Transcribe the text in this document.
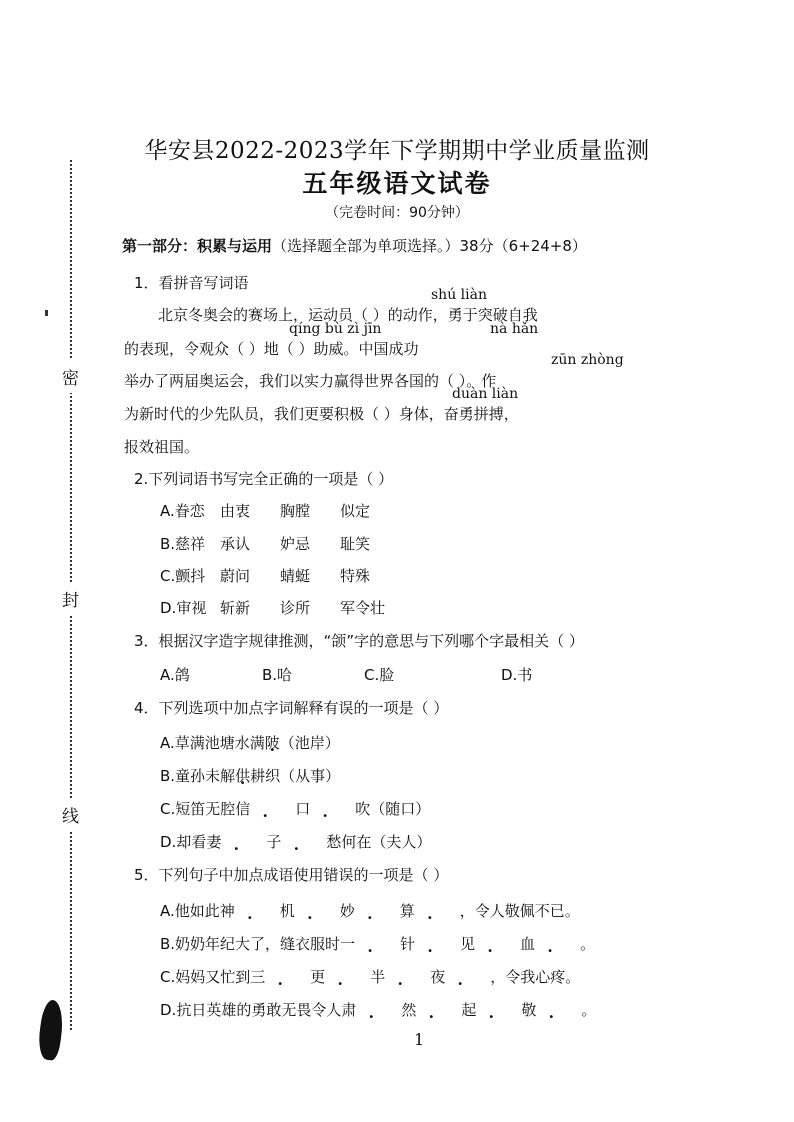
密
封
线
华安县2022-2023学年下学期期中学业质量监测
五年级语文试卷
（完卷时间：90分钟）
第一部分：积累与运用（选择题全部为单项选择。）38分（6+24+8）
1．看拼音写词语
shú liàn
北京冬奥会的赛场上，运动员（ ）的动作，勇于突破自我
qíng bù zì jīn	nà hǎn
的表现，令观众（ ）地（ ）助威。中国成功
zūn zhòng
举办了两届奥运会，我们以实力赢得世界各国的（ ）。作
duàn liàn
为新时代的少先队员，我们更要积极（ ）身体，奋勇拼搏，
报效祖国。
2.下列词语书写完全正确的一项是（ ）
A.眷恋 由衷 胸膛 似定
B.慈祥 承认 妒忌 耻笑
C.颤抖 蔚问 蜻蜓 特殊
D.审视 斩新 诊所 军令壮
3．根据汉字造字规律推测，“颌”字的意思与下列哪个字最相关（ ）
A.鸽	B.哈	C.脸	D.书
4．下列选项中加点字词解释有误的一项是（ ）
A.草满池塘水满陂（池岸）
B.童孙未解供耕织（从事）
C.短笛无腔信	口	吹（随口）
D.却看妻	子	愁何在（夫人）
5．下列句子中加点成语使用错误的一项是（ ）
A.他如此神	机	妙	算	，令人敬佩不已。
B.奶奶年纪大了，缝衣服时一	针	见	血	。
C.妈妈又忙到三	更	半	夜	，令我心疼。
D.抗日英雄的勇敢无畏令人肃	然	起	敬	。
1
